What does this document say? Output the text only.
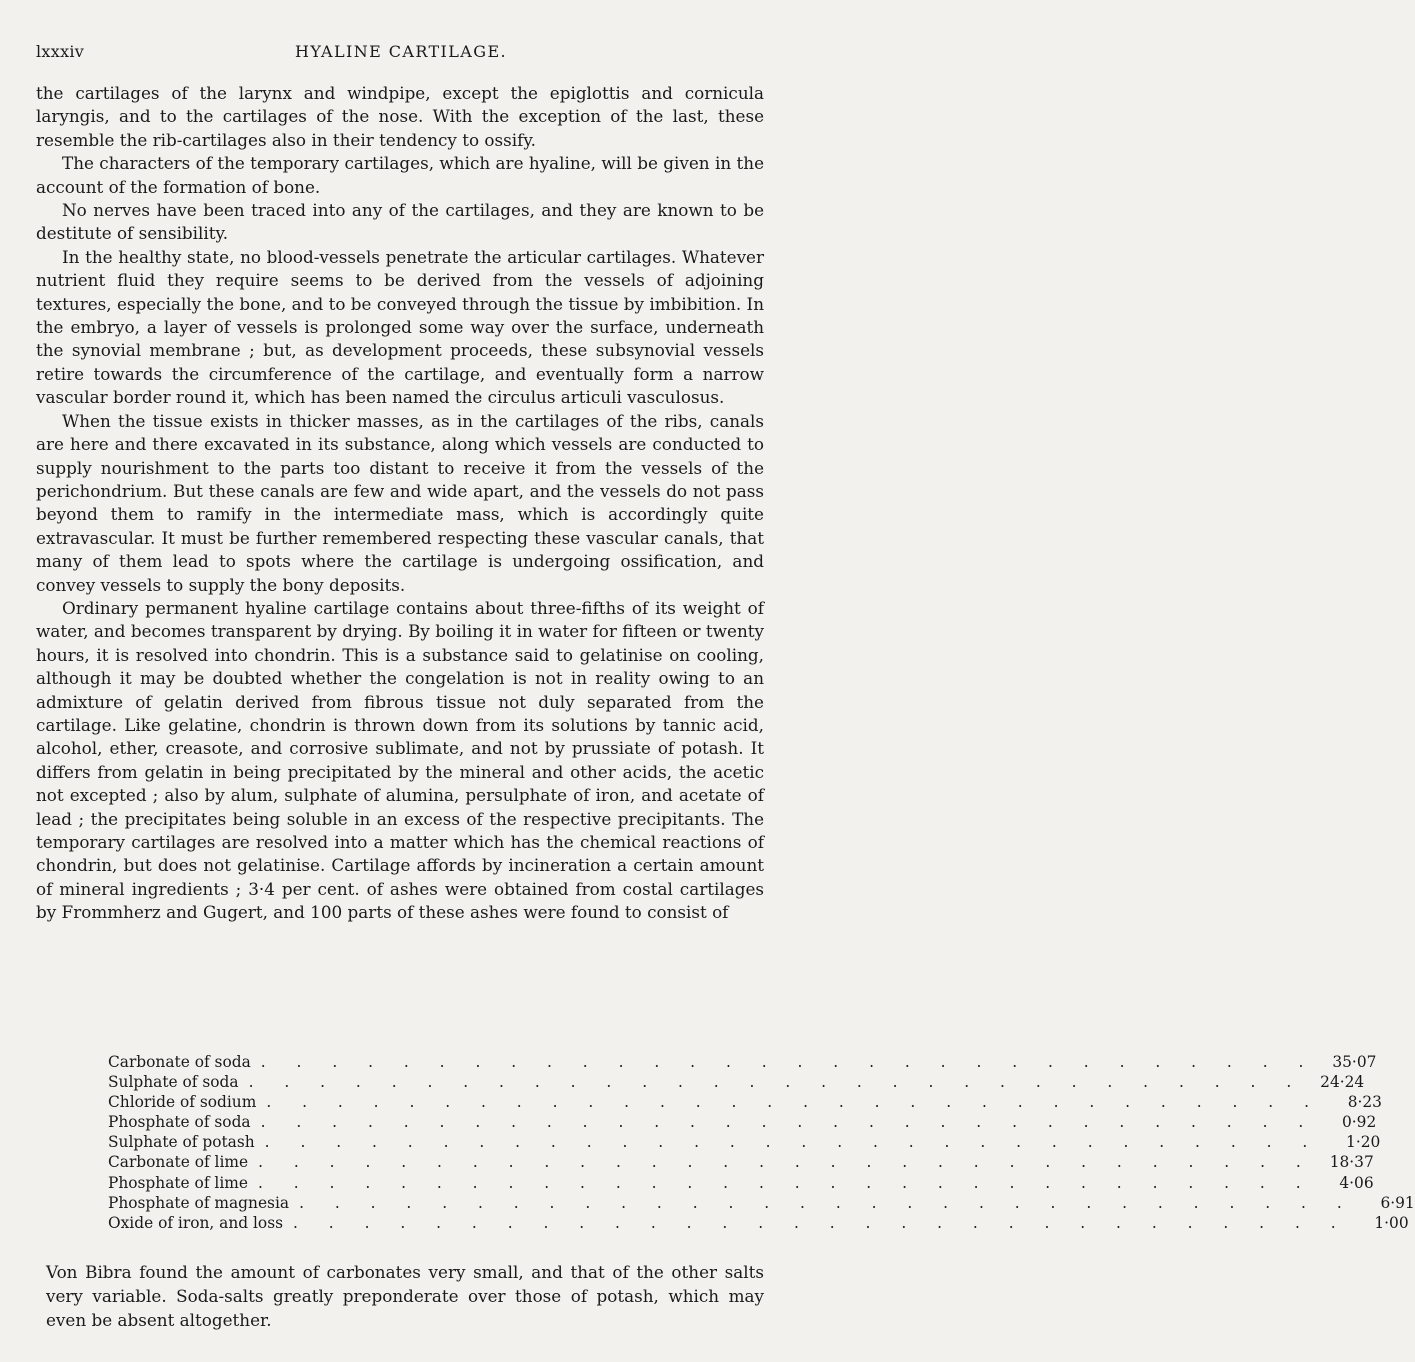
lxxxiv	HYALINE CARTILAGE.

the cartilages of the larynx and windpipe, except the epiglottis and cornicula laryngis, and to the cartilages of the nose. With the exception of the last, these resemble the rib-cartilages also in their tendency to ossify.

The characters of the temporary cartilages, which are hyaline, will be given in the account of the formation of bone.

No nerves have been traced into any of the cartilages, and they are known to be destitute of sensibility.

In the healthy state, no blood-vessels penetrate the articular cartilages. Whatever nutrient fluid they require seems to be derived from the vessels of adjoining textures, especially the bone, and to be conveyed through the tissue by imbibition. In the embryo, a layer of vessels is prolonged some way over the surface, underneath the synovial membrane ; but, as development proceeds, these subsynovial vessels retire towards the circumference of the cartilage, and eventually form a narrow vascular border round it, which has been named the circulus articuli vasculosus.

When the tissue exists in thicker masses, as in the cartilages of the ribs, canals are here and there excavated in its substance, along which vessels are conducted to supply nourishment to the parts too distant to receive it from the vessels of the perichondrium. But these canals are few and wide apart, and the vessels do not pass beyond them to ramify in the intermediate mass, which is accordingly quite extravascular. It must be further remembered respecting these vascular canals, that many of them lead to spots where the cartilage is undergoing ossification, and convey vessels to supply the bony deposits.

Ordinary permanent hyaline cartilage contains about three-fifths of its weight of water, and becomes transparent by drying. By boiling it in water for fifteen or twenty hours, it is resolved into chondrin. This is a substance said to gelatinise on cooling, although it may be doubted whether the congelation is not in reality owing to an admixture of gelatin derived from fibrous tissue not duly separated from the cartilage. Like gelatine, chondrin is thrown down from its solutions by tannic acid, alcohol, ether, creasote, and corrosive sublimate, and not by prussiate of potash. It differs from gelatin in being precipitated by the mineral and other acids, the acetic not excepted ; also by alum, sulphate of alumina, persulphate of iron, and acetate of lead ; the precipitates being soluble in an excess of the respective precipitants. The temporary cartilages are resolved into a matter which has the chemical reactions of chondrin, but does not gelatinise. Cartilage affords by incineration a certain amount of mineral ingredients ; 3·4 per cent. of ashes were obtained from costal cartilages by Frommherz and Gugert, and 100 parts of these ashes were found to consist of

Carbonate of soda . . . . . . . . . . . . . . . . . . . . . . . . . . . . . .	35·07
Sulphate of soda . . . . . . . . . . . . . . . . . . . . . . . . . . . . . .	24·24
Chloride of sodium . . . . . . . . . . . . . . . . . . . . . . . . . . . . . .	8·23
Phosphate of soda . . . . . . . . . . . . . . . . . . . . . . . . . . . . . .	0·92
Sulphate of potash . . . . . . . . . . . . . . . . . . . . . . . . . . . . . .	1·20
Carbonate of lime . . . . . . . . . . . . . . . . . . . . . . . . . . . . . .	18·37
Phosphate of lime . . . . . . . . . . . . . . . . . . . . . . . . . . . . . .	4·06
Phosphate of magnesia . . . . . . . . . . . . . . . . . . . . . . . . . . . . . .	6·91
Oxide of iron, and loss . . . . . . . . . . . . . . . . . . . . . . . . . . . . . .	1·00
Von Bibra found the amount of carbonates very small, and that of the other salts very variable. Soda-salts greatly preponderate over those of potash, which may even be absent altogether.
